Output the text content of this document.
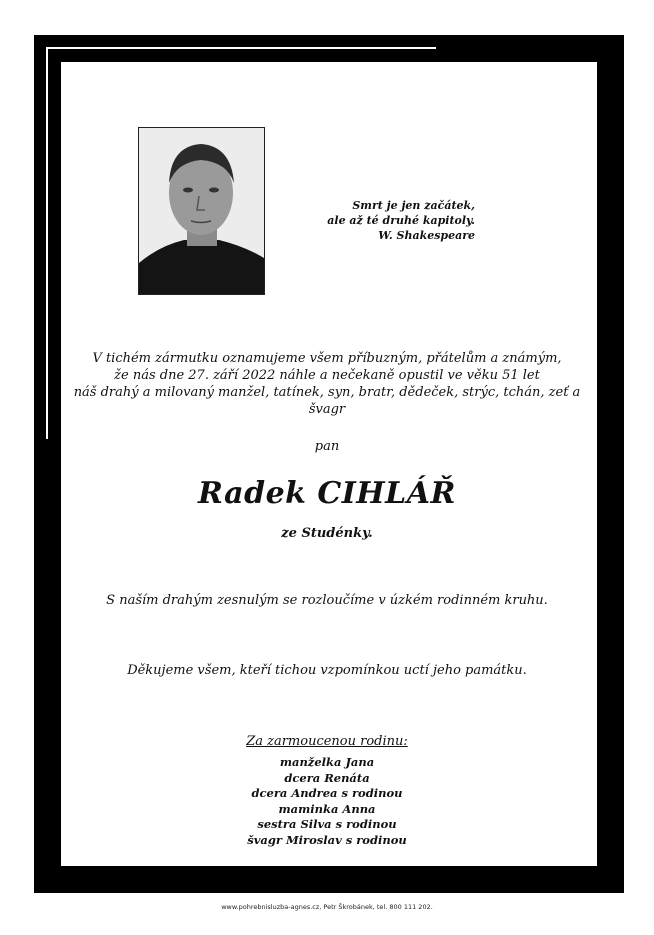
Smrt je jen začátek,
ale až té druhé kapitoly.
W. Shakespeare
V tichém zármutku oznamujeme všem příbuzným, přátelům a známým,
že nás dne 27. září 2022 náhle a nečekaně opustil ve věku 51 let
náš drahý a milovaný manžel, tatínek, syn, bratr, dědeček, strýc, tchán, zeť a švagr
pan
Radek CIHLÁŘ
ze Studénky.
S naším drahým zesnulým se rozloučíme v úzkém rodinném kruhu.
Děkujeme všem, kteří tichou vzpomínkou uctí jeho památku.
Za zarmoucenou rodinu:
manželka Jana
dcera Renáta
dcera Andrea s rodinou
maminka Anna
sestra Silva s rodinou
švagr Miroslav s rodinou
www.pohrebnisluzba-agnes.cz, Petr Škrobánek, tel. 800 111 202.
